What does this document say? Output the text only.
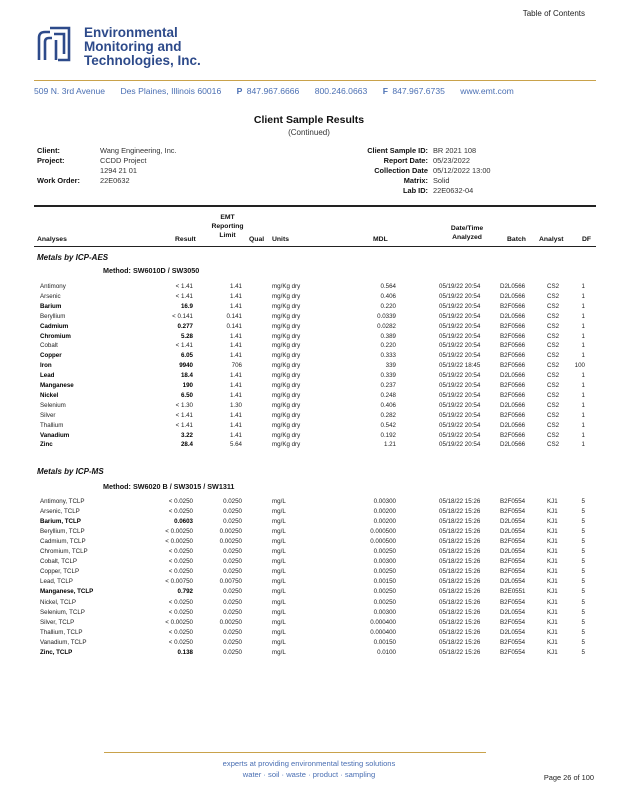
Table of Contents
Environmental
Monitoring and
Technologies, Inc.
509 N. 3rd Avenue Des Plaines, Illinois 60016 P 847.967.6666 800.246.0663 F 847.967.6735 www.emt.com
Client Sample Results
(Continued)
Client:	Wang Engineering, Inc.
Project:	CCDD Project
1294 21 01
Work Order:	22E0632
Client Sample ID: BR 2021 108
Report Date: 05/23/2022
Collection Date 05/12/2022 13:00
Matrix: Solid
Lab ID: 22E0632-04
Analyses	Result
EMT
Reporting
Limit
Qual Units	MDL
Date/Time
Analyzed	Batch Analyst	DF
Metals by ICP-AES
Method: SW6010D / SW3050
Antimony	< 1.41	1.41	mg/Kg dry	0.564	05/19/22 20:54	D2L0566	CS2	1
Arsenic	< 1.41	1.41	mg/Kg dry	0.406	05/19/22 20:54	D2L0566	CS2	1
Barium	16.9	1.41	mg/Kg dry	0.220	05/19/22 20:54	B2F0566	CS2	1
Beryllium	< 0.141	0.141	mg/Kg dry	0.0339	05/19/22 20:54	D2L0566	CS2	1
Cadmium	0.277	0.141	mg/Kg dry	0.0282	05/19/22 20:54	B2F0566	CS2	1
Chromium	5.28	1.41	mg/Kg dry	0.389	05/19/22 20:54	B2F0566	CS2	1
Cobalt	< 1.41	1.41	mg/Kg dry	0.220	05/19/22 20:54	B2F0566	CS2	1
Copper	6.05	1.41	mg/Kg dry	0.333	05/19/22 20:54	B2F0566	CS2	1
Iron	9940	706	mg/Kg dry	339	05/19/22 18:45	B2F0566	CS2	100
Lead	18.4	1.41	mg/Kg dry	0.339	05/19/22 20:54	D2L0566	CS2	1
Manganese	190	1.41	mg/Kg dry	0.237	05/19/22 20:54	B2F0566	CS2	1
Nickel	6.50	1.41	mg/Kg dry	0.248	05/19/22 20:54	B2F0566	CS2	1
Selenium	< 1.30	1.30	mg/Kg dry	0.406	05/19/22 20:54	D2L0566	CS2	1
Silver	< 1.41	1.41	mg/Kg dry	0.282	05/19/22 20:54	B2F0566	CS2	1
Thallium	< 1.41	1.41	mg/Kg dry	0.542	05/19/22 20:54	D2L0566	CS2	1
Vanadium	3.22	1.41	mg/Kg dry	0.192	05/19/22 20:54	B2F0566	CS2	1
Zinc	28.4	5.64	mg/Kg dry	1.21	05/19/22 20:54	D2L0566	CS2	1
Metals by ICP-MS
Method: SW6020 B / SW3015 / SW1311
Antimony, TCLP	< 0.0250	0.0250	mg/L	0.00300	05/18/22 15:26	B2F0554	KJ1	5
Arsenic, TCLP	< 0.0250	0.0250	mg/L	0.00200	05/18/22 15:26	B2F0554	KJ1	5
Barium, TCLP	0.0603	0.0250	mg/L	0.00200	05/18/22 15:26	D2L0554	KJ1	5
Beryllium, TCLP	< 0.00250	0.00250	mg/L	0.000500	05/18/22 15:26	D2L0554	KJ1	5
Cadmium, TCLP	< 0.00250	0.00250	mg/L	0.000500	05/18/22 15:26	B2F0554	KJ1	5
Chromium, TCLP	< 0.0250	0.0250	mg/L	0.00250	05/18/22 15:26	D2L0554	KJ1	5
Cobalt, TCLP	< 0.0250	0.0250	mg/L	0.00300	05/18/22 15:26	B2F0554	KJ1	5
Copper, TCLP	< 0.0250	0.0250	mg/L	0.00250	05/18/22 15:26	B2F0554	KJ1	5
Lead, TCLP	< 0.00750	0.00750	mg/L	0.00150	05/18/22 15:26	D2L0554	KJ1	5
Manganese, TCLP	0.792	0.0250	mg/L	0.00250	05/18/22 15:26	B2E0551	KJ1	5
Nickel, TCLP	< 0.0250	0.0250	mg/L	0.00250	05/18/22 15:26	B2F0554	KJ1	5
Selenium, TCLP	< 0.0250	0.0250	mg/L	0.00300	05/18/22 15:26	D2L0554	KJ1	5
Silver, TCLP	< 0.00250	0.00250	mg/L	0.000400	05/18/22 15:26	B2F0554	KJ1	5
Thallium, TCLP	< 0.0250	0.0250	mg/L	0.000400	05/18/22 15:26	D2L0554	KJ1	5
Vanadium, TCLP	< 0.0250	0.0250	mg/L	0.00150	05/18/22 15:26	B2F0554	KJ1	5
Zinc, TCLP	0.138	0.0250	mg/L	0.0100	05/18/22 15:26	B2F0554	KJ1	5
experts at providing environmental testing solutions
water · soil · waste · product · sampling	Page 26 of 100
